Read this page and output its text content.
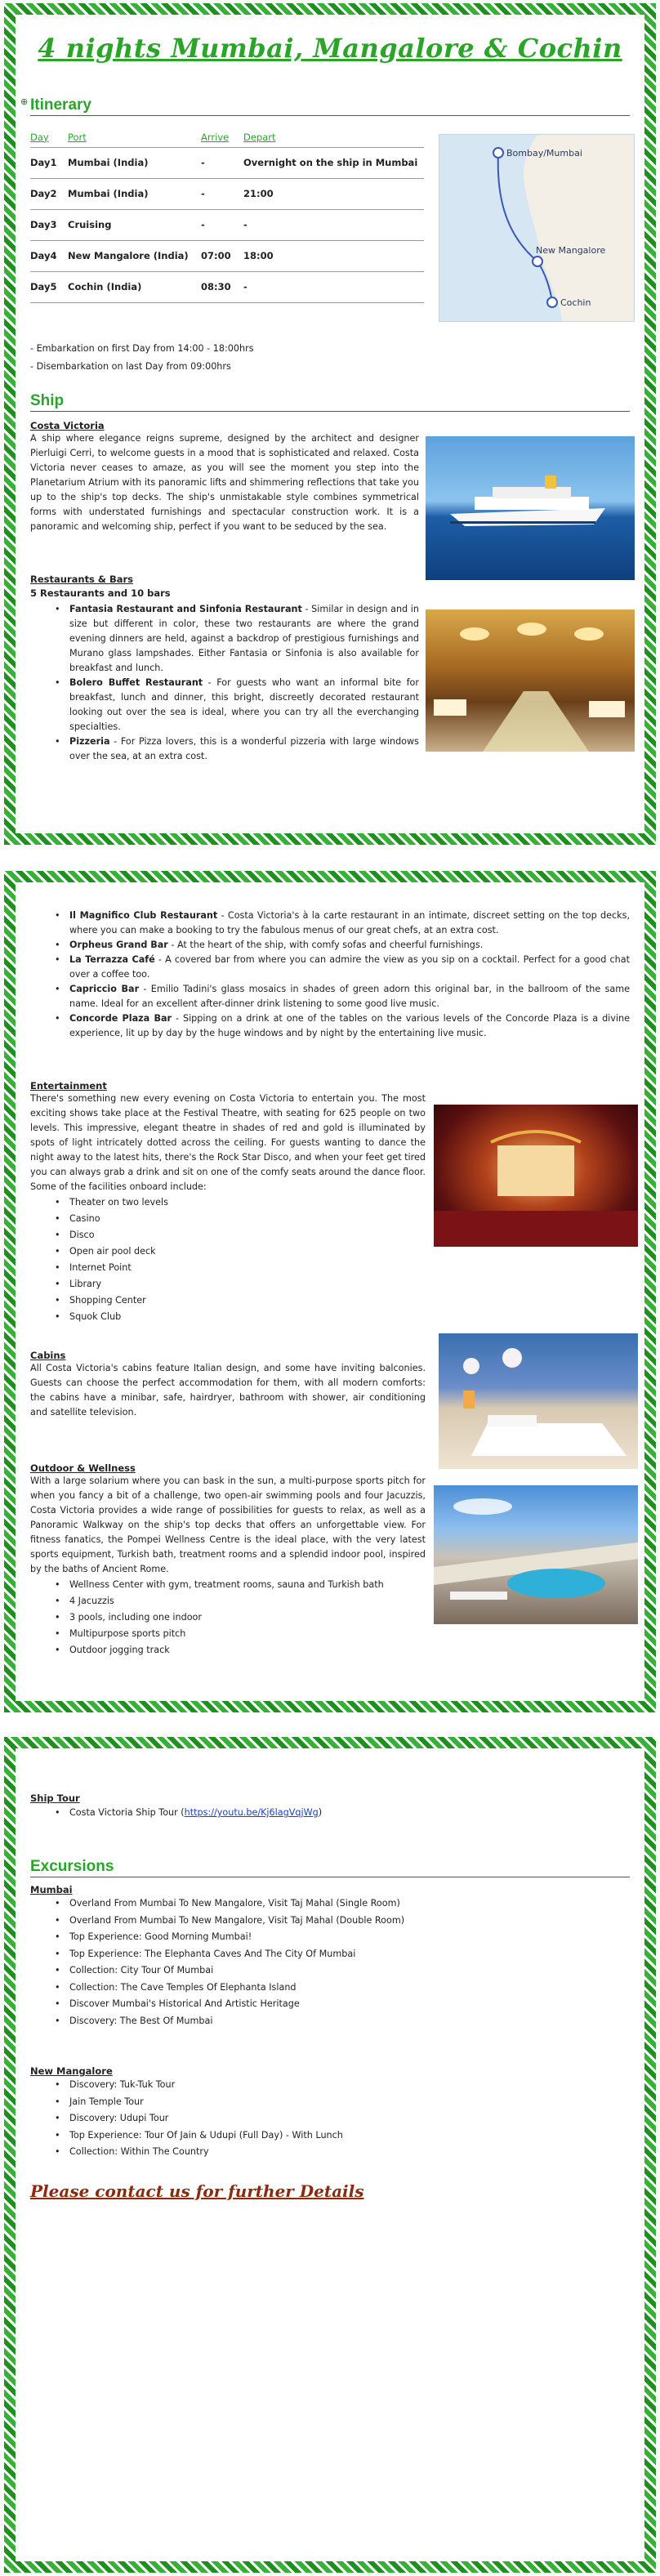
4 nights Mumbai, Mangalore & Cochin
⊕ Itinerary
Day	Port	Arrive	Depart
Day1	Mumbai (India)	-	Overnight on the ship in Mumbai
Day2	Mumbai (India)	-	21:00
Day3	Cruising	-	-
Day4	New Mangalore (India)	07:00	18:00
Day5	Cochin (India)	08:30	-
Bombay/Mumbai
New Mangalore
Cochin
- Embarkation on first Day from 14:00 - 18:00hrs
- Disembarkation on last Day from 09:00hrs
Ship
Costa Victoria

A ship where elegance reigns supreme, designed by the architect and designer Pierluigi Cerri, to welcome guests in a mood that is sophisticated and relaxed. Costa Victoria never ceases to amaze, as you will see the moment you step into the Planetarium Atrium with its panoramic lifts and shimmering reflections that take you up to the ship's top decks. The ship's unmistakable style combines symmetrical forms with understated furnishings and spectacular construction work. It is a panoramic and welcoming ship, perfect if you want to be seduced by the sea.

Restaurants & Bars
5 Restaurants and 10 bars
• Fantasia Restaurant and Sinfonia Restaurant - Similar in design and in size but different in color, these two restaurants are where the grand evening dinners are held, against a backdrop of prestigious furnishings and Murano glass lampshades. Either Fantasia or Sinfonia is also available for breakfast and lunch.
• Bolero Buffet Restaurant - For guests who want an informal bite for breakfast, lunch and dinner, this bright, discreetly decorated restaurant looking out over the sea is ideal, where you can try all the everchanging specialties.
• Pizzeria - For Pizza lovers, this is a wonderful pizzeria with large windows over the sea, at an extra cost.
• Il Magnifico Club Restaurant - Costa Victoria's à la carte restaurant in an intimate, discreet setting on the top decks, where you can make a booking to try the fabulous menus of our great chefs, at an extra cost.
• Orpheus Grand Bar - At the heart of the ship, with comfy sofas and cheerful furnishings.
• La Terrazza Café - A covered bar from where you can admire the view as you sip on a cocktail. Perfect for a good chat over a coffee too.
• Capriccio Bar - Emilio Tadini's glass mosaics in shades of green adorn this original bar, in the ballroom of the same name. Ideal for an excellent after-dinner drink listening to some good live music.
• Concorde Plaza Bar - Sipping on a drink at one of the tables on the various levels of the Concorde Plaza is a divine experience, lit up by day by the huge windows and by night by the entertaining live music.
Entertainment

There's something new every evening on Costa Victoria to entertain you. The most exciting shows take place at the Festival Theatre, with seating for 625 people on two levels. This impressive, elegant theatre in shades of red and gold is illuminated by spots of light intricately dotted across the ceiling. For guests wanting to dance the night away to the latest hits, there's the Rock Star Disco, and when your feet get tired you can always grab a drink and sit on one of the comfy seats around the dance floor. Some of the facilities onboard include:

• Theater on two levels
• Casino
• Disco
• Open air pool deck
• Internet Point
• Library
• Shopping Center
• Squok Club
Cabins

All Costa Victoria's cabins feature Italian design, and some have inviting balconies. Guests can choose the perfect accommodation for them, with all modern comforts: the cabins have a minibar, safe, hairdryer, bathroom with shower, air conditioning and satellite television.

Outdoor & Wellness

With a large solarium where you can bask in the sun, a multi-purpose sports pitch for when you fancy a bit of a challenge, two open-air swimming pools and four Jacuzzis, Costa Victoria provides a wide range of possibilities for guests to relax, as well as a Panoramic Walkway on the ship's top decks that offers an unforgettable view. For fitness fanatics, the Pompei Wellness Centre is the ideal place, with the very latest sports equipment, Turkish bath, treatment rooms and a splendid indoor pool, inspired by the baths of Ancient Rome.

• Wellness Center with gym, treatment rooms, sauna and Turkish bath
• 4 Jacuzzis
• 3 pools, including one indoor
• Multipurpose sports pitch
• Outdoor jogging track
Ship Tour
• Costa Victoria Ship Tour (https://youtu.be/Kj6lagVqjWg)
Excursions
Mumbai
• Overland From Mumbai To New Mangalore, Visit Taj Mahal (Single Room)
• Overland From Mumbai To New Mangalore, Visit Taj Mahal (Double Room)
• Top Experience: Good Morning Mumbai!
• Top Experience: The Elephanta Caves And The City Of Mumbai
• Collection: City Tour Of Mumbai
• Collection: The Cave Temples Of Elephanta Island
• Discover Mumbai's Historical And Artistic Heritage
• Discovery: The Best Of Mumbai
New Mangalore
• Discovery: Tuk-Tuk Tour
• Jain Temple Tour
• Discovery: Udupi Tour
• Top Experience: Tour Of Jain & Udupi (Full Day) - With Lunch
• Collection: Within The Country
Please contact us for further Details
